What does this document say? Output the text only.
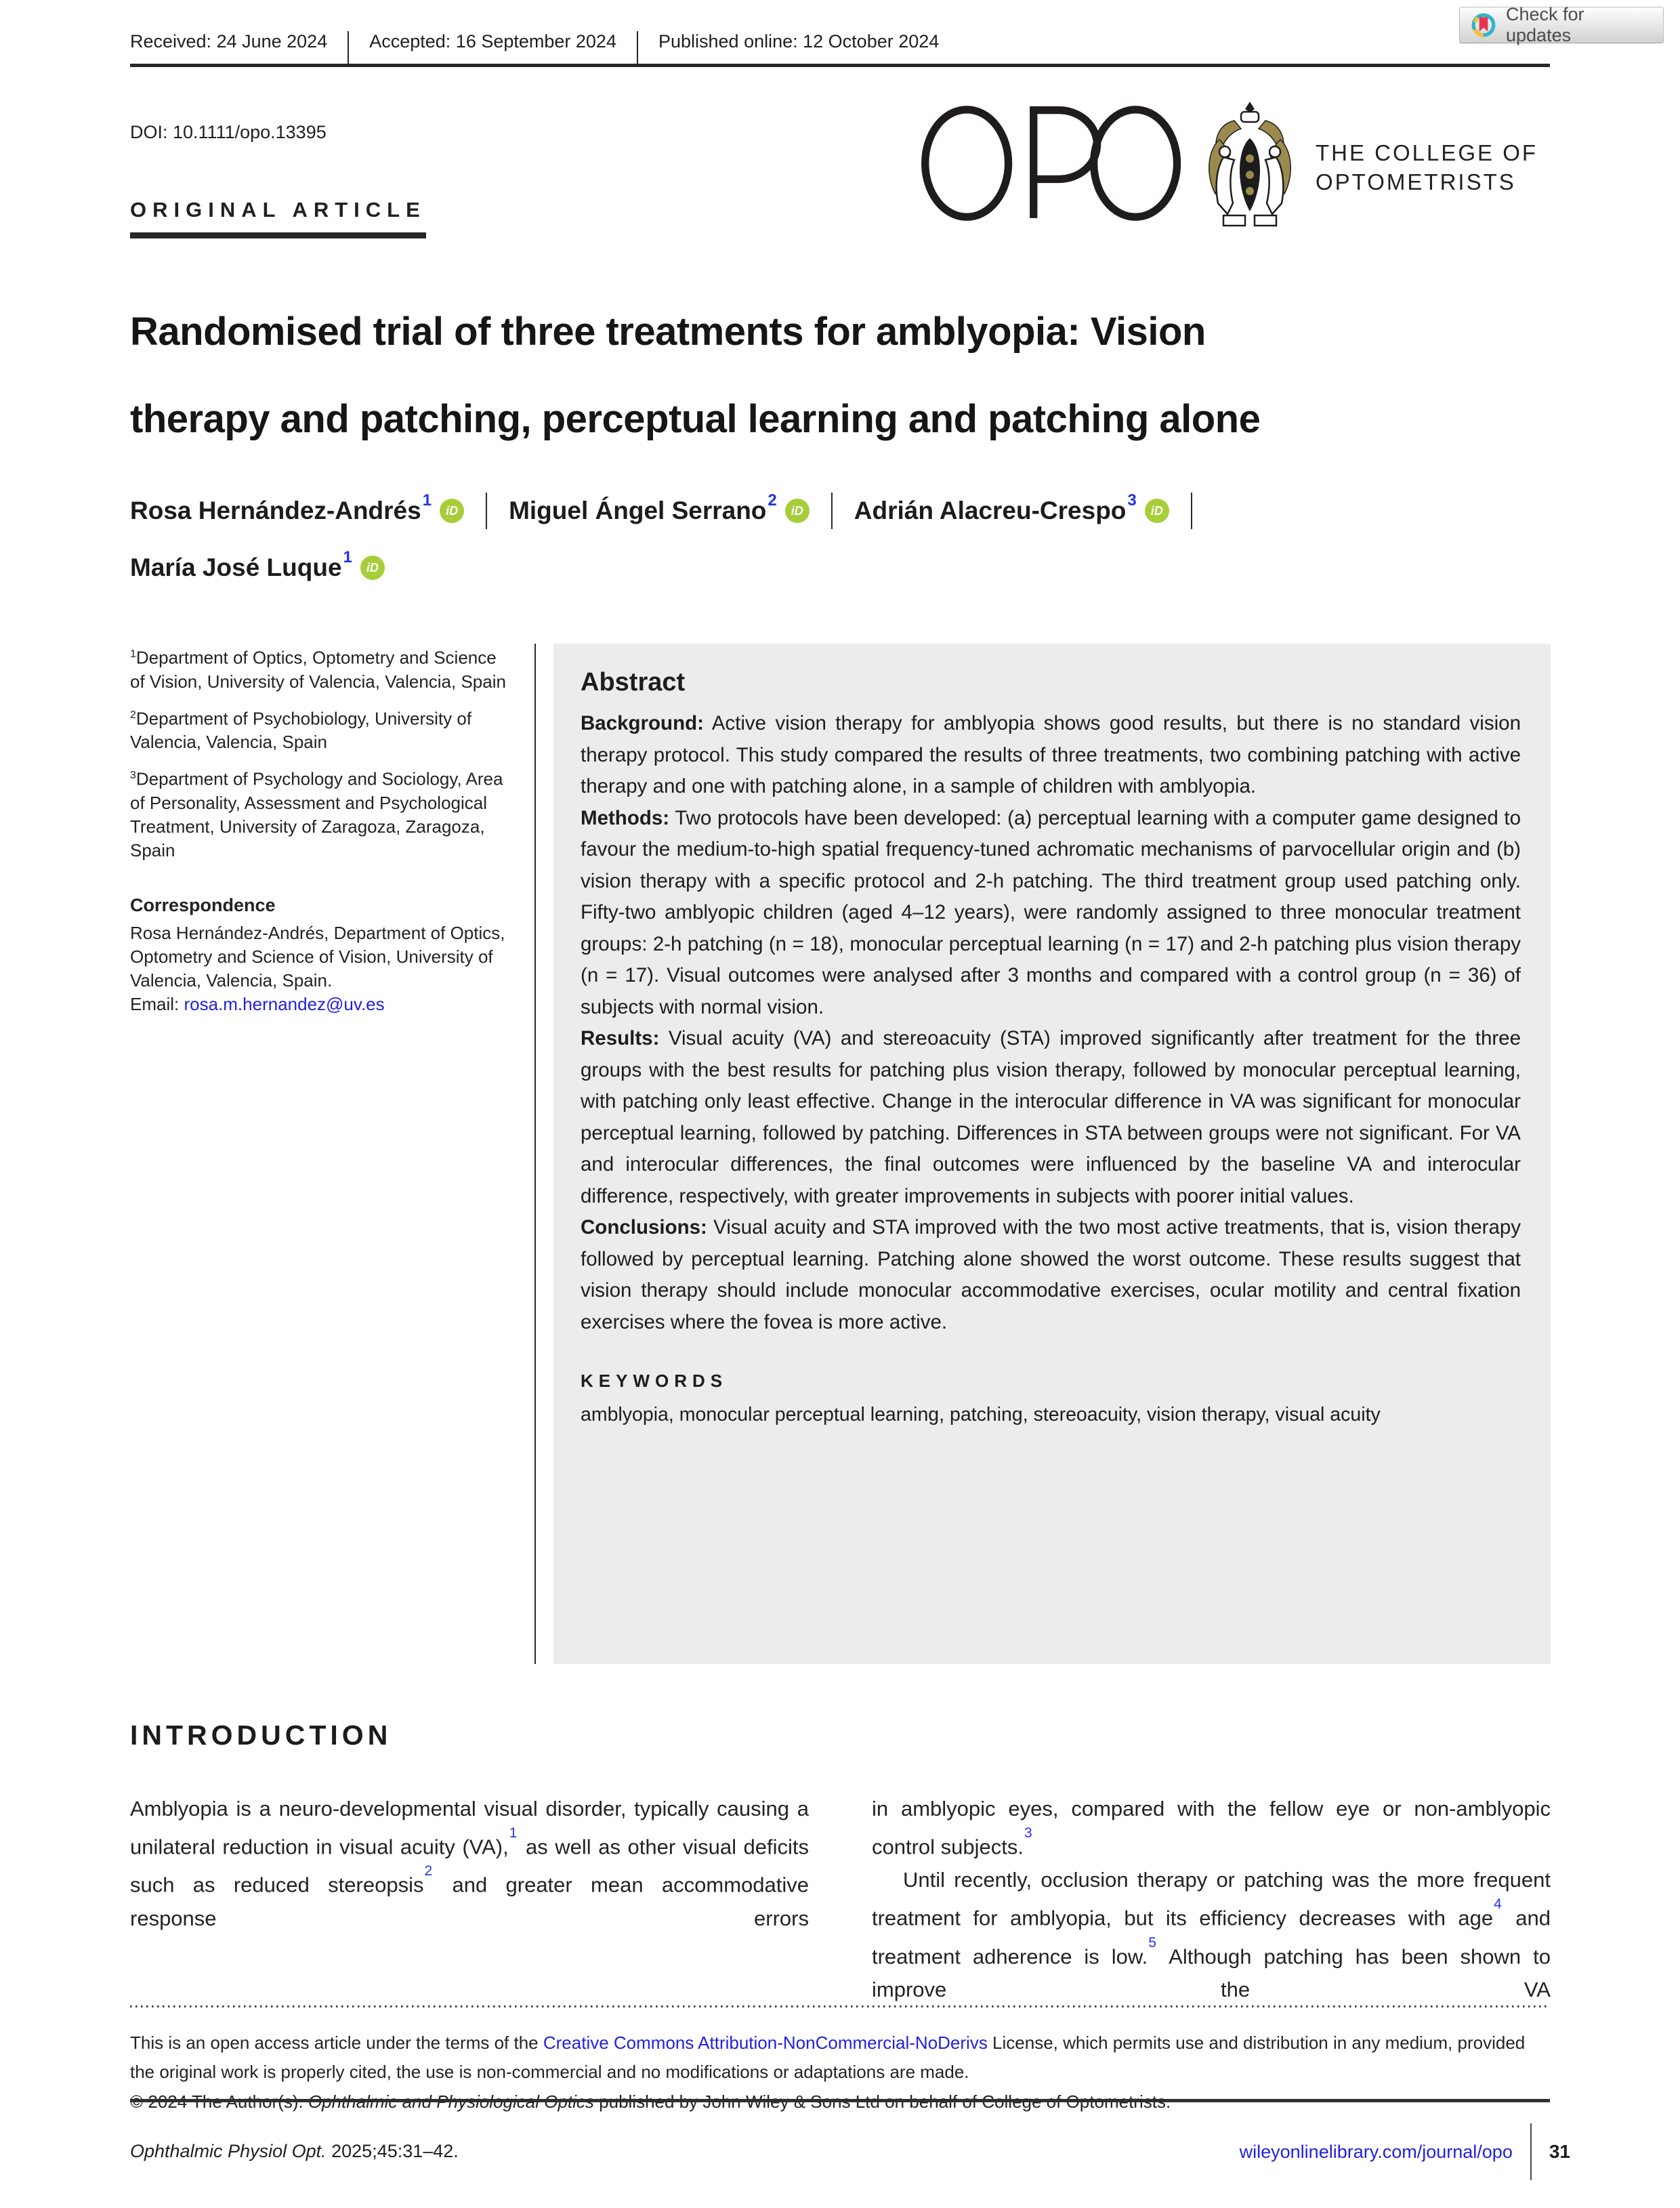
Check for updates
Received: 24 June 2024 Accepted: 16 September 2024 Published online: 12 October 2024
DOI: 10.1111/opo.13395
THE COLLEGE OF
OPTOMETRISTS
ORIGINAL ARTICLE
Randomised trial of three treatments for amblyopia: Vision
therapy and patching, perceptual learning and patching alone
Rosa Hernández-Andrés$^1$
iD Miguel Ángel Serrano$^2$
iD Adrián Alacreu-Crespo$^3$
iD
María José Luque$^1$
iD
$^1$Department of Optics, Optometry and Science of Vision, University of Valencia, Valencia, Spain
$^2$Department of Psychobiology, University of Valencia, Valencia, Spain
$^3$Department of Psychology and Sociology, Area of Personality, Assessment and Psychological Treatment, University of Zaragoza, Zaragoza, Spain
Correspondence
Rosa Hernández-Andrés, Department of Optics, Optometry and Science of Vision, University of Valencia, Valencia, Spain.
Email: rosa.m.hernandez@uv.es
Abstract

Background: Active vision therapy for amblyopia shows good results, but there is no standard vision therapy protocol. This study compared the results of three treatments, two combining patching with active therapy and one with patching alone, in a sample of children with amblyopia.

Methods: Two protocols have been developed: (a) perceptual learning with a computer game designed to favour the medium-to-high spatial frequency-tuned achromatic mechanisms of parvocellular origin and (b) vision therapy with a specific protocol and 2-h patching. The third treatment group used patching only. Fifty-two amblyopic children (aged 4–12 years), were randomly assigned to three monocular treatment groups: 2-h patching (n = 18), monocular perceptual learning (n = 17) and 2-h patching plus vision therapy (n = 17). Visual outcomes were analysed after 3 months and compared with a control group (n = 36) of subjects with normal vision.

Results: Visual acuity (VA) and stereoacuity (STA) improved significantly after treatment for the three groups with the best results for patching plus vision therapy, followed by monocular perceptual learning, with patching only least effective. Change in the interocular difference in VA was significant for monocular perceptual learning, followed by patching. Differences in STA between groups were not significant. For VA and interocular differences, the final outcomes were influenced by the baseline VA and interocular difference, respectively, with greater improvements in subjects with poorer initial values.

Conclusions: Visual acuity and STA improved with the two most active treatments, that is, vision therapy followed by perceptual learning. Patching alone showed the worst outcome. These results suggest that vision therapy should include monocular accommodative exercises, ocular motility and central fixation exercises where the fovea is more active.

KEYWORDS
amblyopia, monocular perceptual learning, patching, stereoacuity, vision therapy, visual acuity
INTRODUCTION

Amblyopia is a neuro-developmental visual disorder, typically causing a unilateral reduction in visual acuity (VA),$^1$ as well as other visual deficits such as reduced stereopsis$^2$ and greater mean accommodative response errors

in amblyopic eyes, compared with the fellow eye or non-amblyopic control subjects.$^3$

Until recently, occlusion therapy or patching was the more frequent treatment for amblyopia, but its efficiency decreases with age$^4$ and treatment adherence is low.$^5$ Although patching has been shown to improve the VA

This is an open access article under the terms of the Creative Commons Attribution-NonCommercial-NoDerivs License, which permits use and distribution in any medium, provided the original work is properly cited, the use is non-commercial and no modifications or adaptations are made.
Ophthalmic Physiol Opt. 2025;45:31–42.	wileyonlinelibrary.com/journal/opo 31
